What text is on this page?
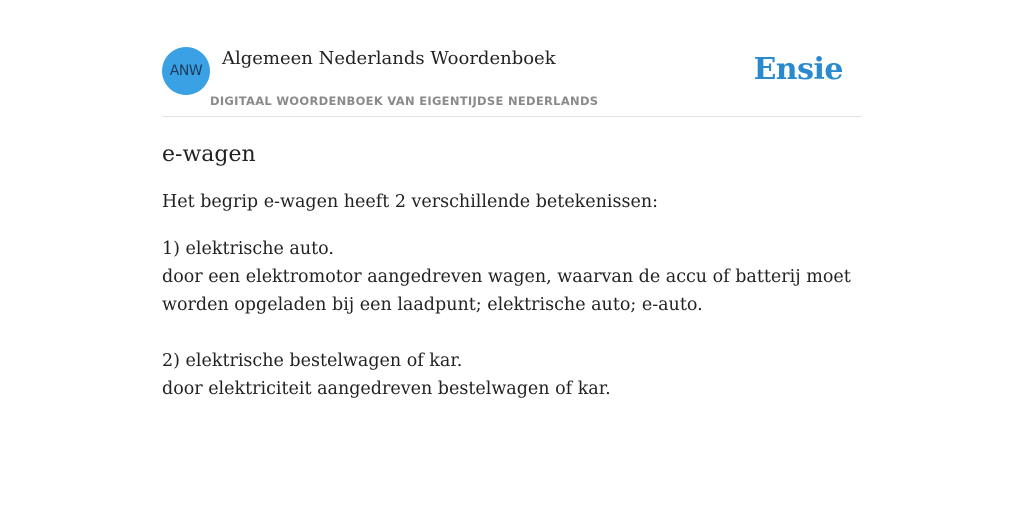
ANW
Algemeen Nederlands Woordenboek
DIGITAAL WOORDENBOEK VAN EIGENTIJDSE NEDERLANDS
Ensie
e-wagen

Het begrip e-wagen heeft 2 verschillende betekenissen:

1) elektrische auto.
door een elektromotor aangedreven wagen, waarvan de accu of batterij moet worden opgeladen bij een laadpunt; elektrische auto; e-auto.
2) elektrische bestelwagen of kar.
door elektriciteit aangedreven bestelwagen of kar.
